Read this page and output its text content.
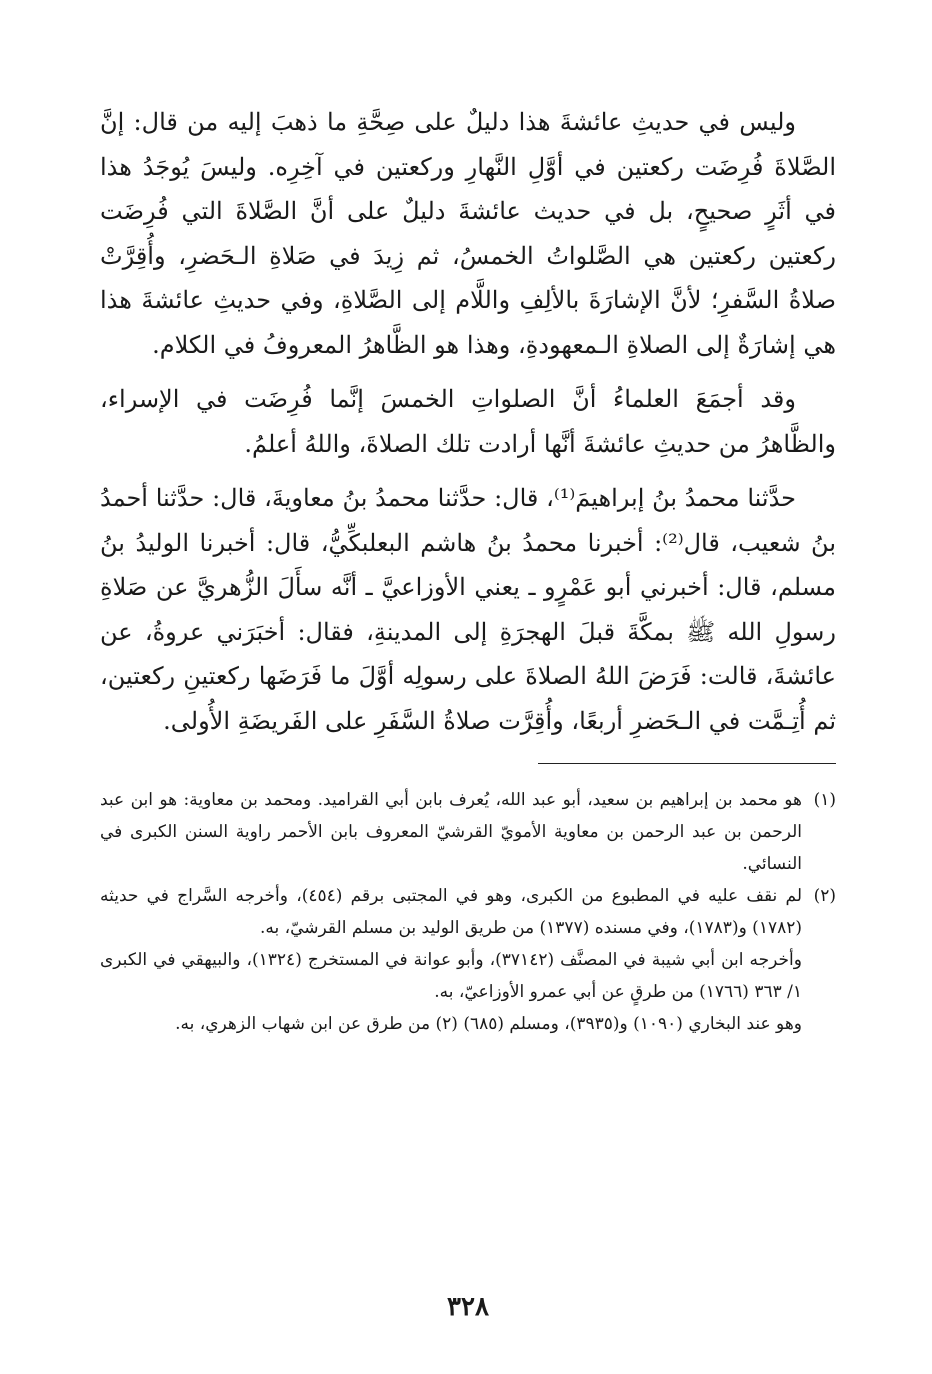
وليس في حديثِ عائشةَ هذا دليلٌ على صِحَّةِ ما ذهبَ إليه من قال: إنَّ الصَّلاةَ فُرِضَت ركعتين في أوَّلِ النَّهارِ وركعتين في آخِرِه. وليسَ يُوجَدُ هذا في أثَرٍ صحيحٍ، بل في حديث عائشةَ دليلٌ على أنَّ الصَّلاةَ التي فُرِضَت ركعتين ركعتين هي الصَّلواتُ الخمسُ، ثم زِيدَ في صَلاةِ الـحَضرِ، وأُقِرَّتْ صلاةُ السَّفرِ؛ لأنَّ الإشارَةَ بالألِفِ واللَّام إلى الصَّلاةِ، وفي حديثِ عائشةَ هذا هي إشارَةٌ إلى الصلاةِ الـمعهودةِ، وهذا هو الظَّاهرُ المعروفُ في الكلام.

وقد أجمَعَ العلماءُ أنَّ الصلواتِ الخمسَ إنَّما فُرِضَت في الإسراء، والظَّاهرُ من حديثِ عائشةَ أنَّها أرادت تلك الصلاةَ، واللهُ أعلمُ.

حدَّثنا محمدُ بنُ إبراهيمَ⁽¹⁾، قال: حدَّثنا محمدُ بنُ معاويةَ، قال: حدَّثنا أحمدُ بنُ شعيب، قال⁽²⁾: أخبرنا محمدُ بنُ هاشم البعلبكِّيُّ، قال: أخبرنا الوليدُ بنُ مسلم، قال: أخبرني أبو عَمْرٍو ـ يعني الأوزاعيَّ ـ أنَّه سأَلَ الزُّهريَّ عن صَلاةِ رسولِ الله ﷺ بمكَّةَ قبلَ الهجرَةِ إلى المدينةِ، فقال: أخبَرَني عروةُ، عن عائشةَ، قالت: فَرَضَ اللهُ الصلاةَ على رسولِه أوَّلَ ما فَرَضَها ركعتينِ ركعتين، ثم أُتِـمَّت في الـحَضرِ أربعًا، وأُقِرَّت صلاةُ السَّفَرِ على الفَريضَةِ الأُولى.

(١)
هو محمد بن إبراهيم بن سعيد، أبو عبد الله، يُعرف بابن أبي القراميد. ومحمد بن معاوية: هو ابن عبد الرحمن بن عبد الرحمن بن معاوية الأمويّ القرشيّ المعروف بابن الأحمر راوية السنن الكبرى في النسائي.

(٢)
لم نقف عليه في المطبوع من الكبرى، وهو في المجتبى برقم (٤٥٤)، وأخرجه السَّراج في حديثه (١٧٨٢) و(١٧٨٣)، وفي مسنده (١٣٧٧) من طريق الوليد بن مسلم القرشيّ، به.

وأخرجه ابن أبي شيبة في المصنَّف (٣٧١٤٢)، وأبو عوانة في المستخرج (١٣٢٤)، والبيهقي في الكبرى ١/ ٣٦٣ (١٧٦٦) من طرقٍ عن أبي عمرو الأوزاعيّ، به.

وهو عند البخاري (١٠٩٠) و(٣٩٣٥)، ومسلم (٦٨٥) (٢) من طرق عن ابن شهاب الزهري، به.

٣٢٨
